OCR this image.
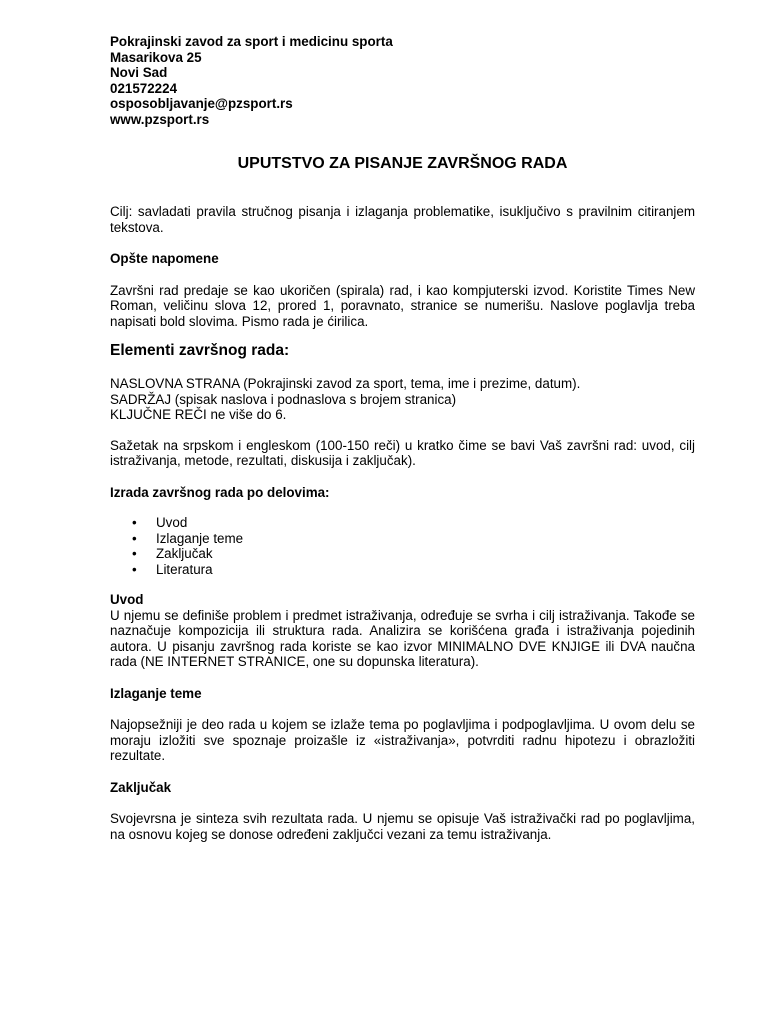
Pokrajinski zavod za sport i medicinu sporta
Masarikova 25
Novi Sad
021572224
osposobljavanje@pzsport.rs
www.pzsport.rs
UPUTSTVO ZA PISANJE ZAVRŠNOG RADA

Cilj: savladati pravila stručnog pisanja i izlaganja problematike, isuključivo s pravilnim citiranjem tekstova.

Opšte napomene

Završni rad predaje se kao ukoričen (spirala) rad, i kao kompjuterski izvod. Koristite Times New Roman, veličinu slova 12, prored 1, poravnato, stranice se numerišu. Naslove poglavlja treba napisati bold slovima. Pismo rada je ćirilica.

Elementi završnog rada:

NASLOVNA STRANA (Pokrajinski zavod za sport, tema, ime i prezime, datum).

SADRŽAJ (spisak naslova i podnaslova s brojem stranica)

KLJUČNE REČI ne više do 6.

Sažetak na srpskom i engleskom (100-150 reči) u kratko čime se bavi Vaš završni rad: uvod, cilj istraživanja, metode, rezultati, diskusija i zaključak).

Izrada završnog rada po delovima:

• Uvod
• Izlaganje teme
• Zaključak
• Literatura

Uvod

U njemu se definiše problem i predmet istraživanja, određuje se svrha i cilj istraživanja. Takođe se naznačuje kompozicija ili struktura rada. Analizira se korišćena građa i istraživanja pojedinih autora. U pisanju završnog rada koriste se kao izvor MINIMALNO DVE KNJIGE ili DVA naučna rada (NE INTERNET STRANICE, one su dopunska literatura).

Izlaganje teme

Najopsežniji je deo rada u kojem se izlaže tema po poglavljima i podpoglavljima. U ovom delu se moraju izložiti sve spoznaje proizašle iz «istraživanja», potvrditi radnu hipotezu i obrazložiti rezultate.

Zaključak

Svojevrsna je sinteza svih rezultata rada. U njemu se opisuje Vaš istraživački rad po poglavljima, na osnovu kojeg se donose određeni zaključci vezani za temu istraživanja.
